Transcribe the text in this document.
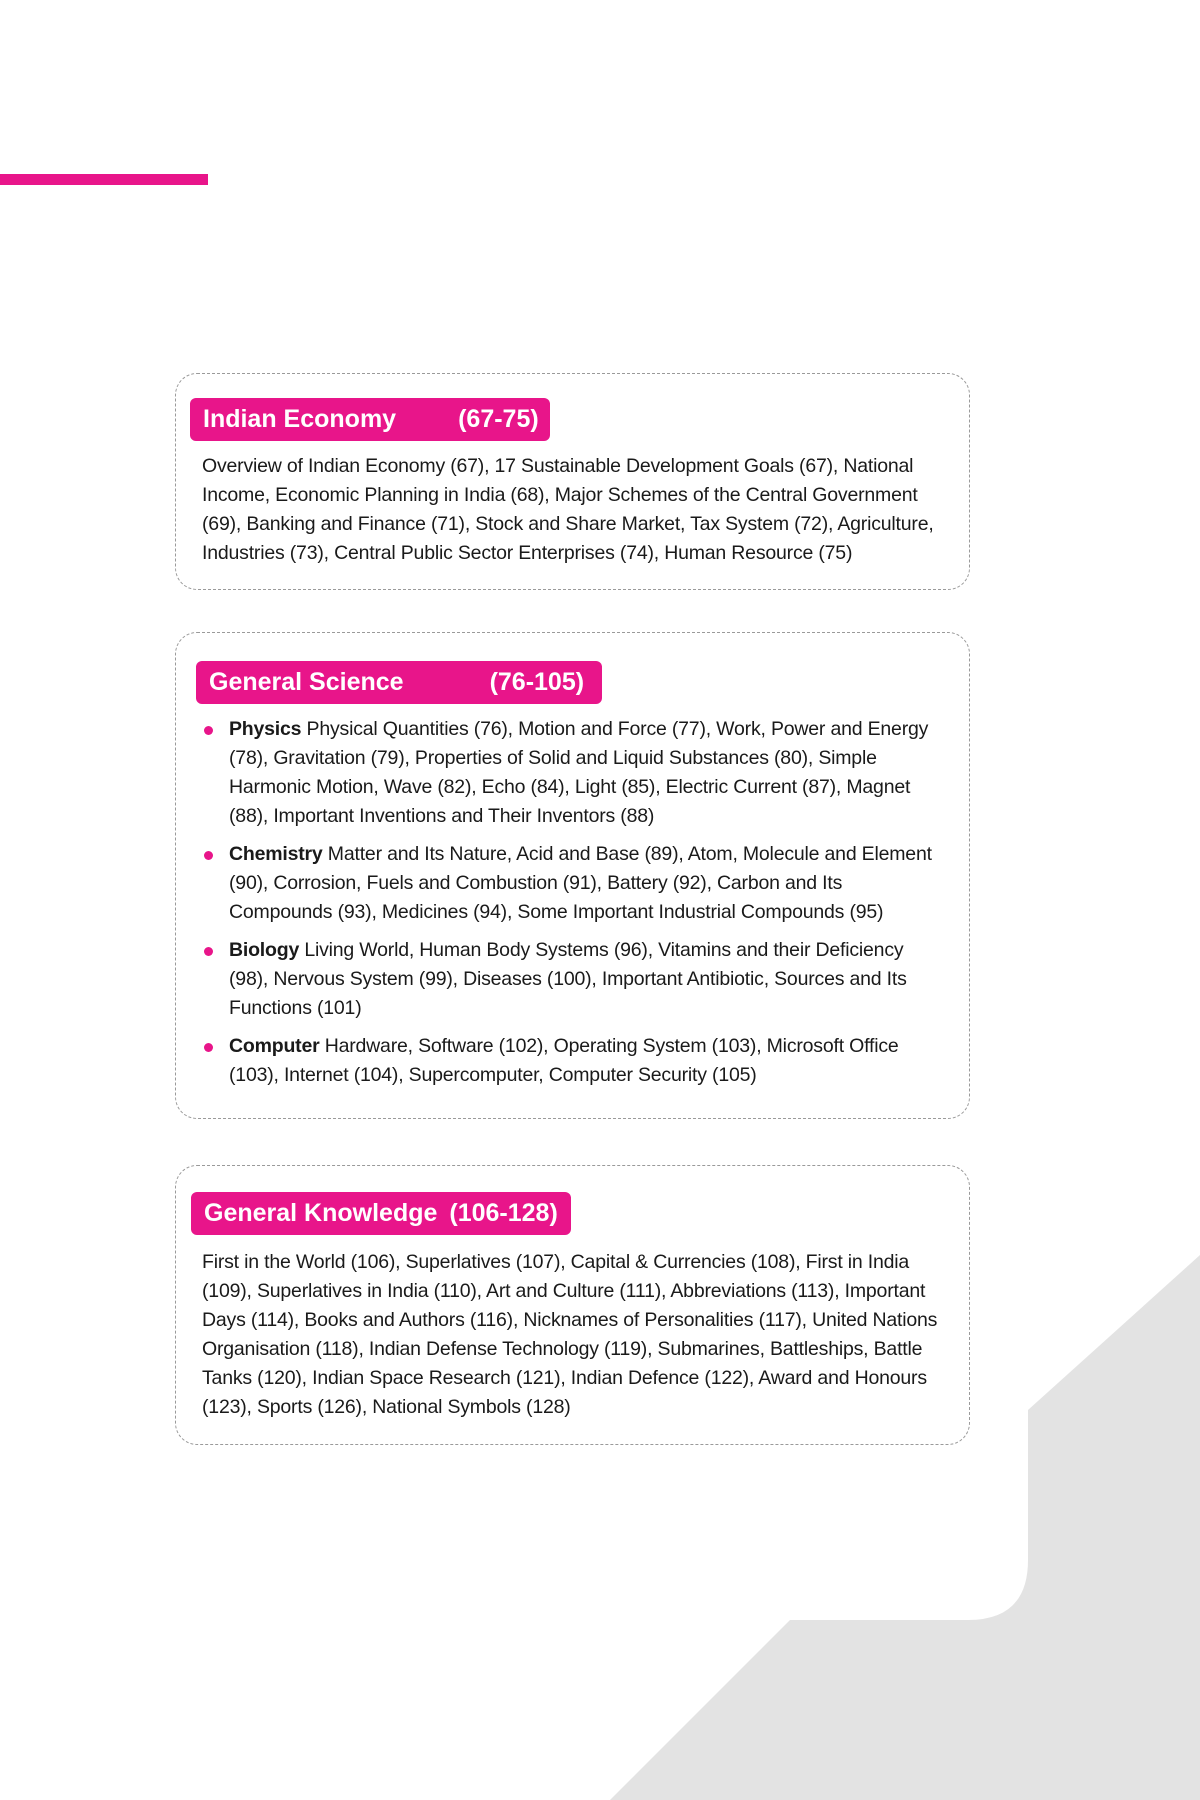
Indian Economy (67-75)
Overview of Indian Economy (67), 17 Sustainable Development Goals (67), National Income, Economic Planning in India (68), Major Schemes of the Central Government (69), Banking and Finance (71), Stock and Share Market, Tax System (72), Agriculture, Industries (73), Central Public Sector Enterprises (74), Human Resource (75)
General Science	(76-105)
Physics Physical Quantities (76), Motion and Force (77), Work, Power and Energy (78), Gravitation (79), Properties of Solid and Liquid Substances (80), Simple Harmonic Motion, Wave (82), Echo (84), Light (85), Electric Current (87), Magnet (88), Important Inventions and Their Inventors (88)
Chemistry Matter and Its Nature, Acid and Base (89), Atom, Molecule and Element (90), Corrosion, Fuels and Combustion (91), Battery (92), Carbon and Its Compounds (93), Medicines (94), Some Important Industrial Compounds (95)
Biology Living World, Human Body Systems (96), Vitamins and their Deficiency (98), Nervous System (99), Diseases (100), Important Antibiotic, Sources and Its Functions (101)
Computer Hardware, Software (102), Operating System (103), Microsoft Office (103), Internet (104), Supercomputer, Computer Security (105)
General Knowledge (106-128)
First in the World (106), Superlatives (107), Capital & Currencies (108), First in India (109), Superlatives in India (110), Art and Culture (111), Abbreviations (113), Important Days (114), Books and Authors (116), Nicknames of Personalities (117), United Nations Organisation (118), Indian Defense Technology (119), Submarines, Battleships, Battle Tanks (120), Indian Space Research (121), Indian Defence (122), Award and Honours (123), Sports (126), National Symbols (128)
